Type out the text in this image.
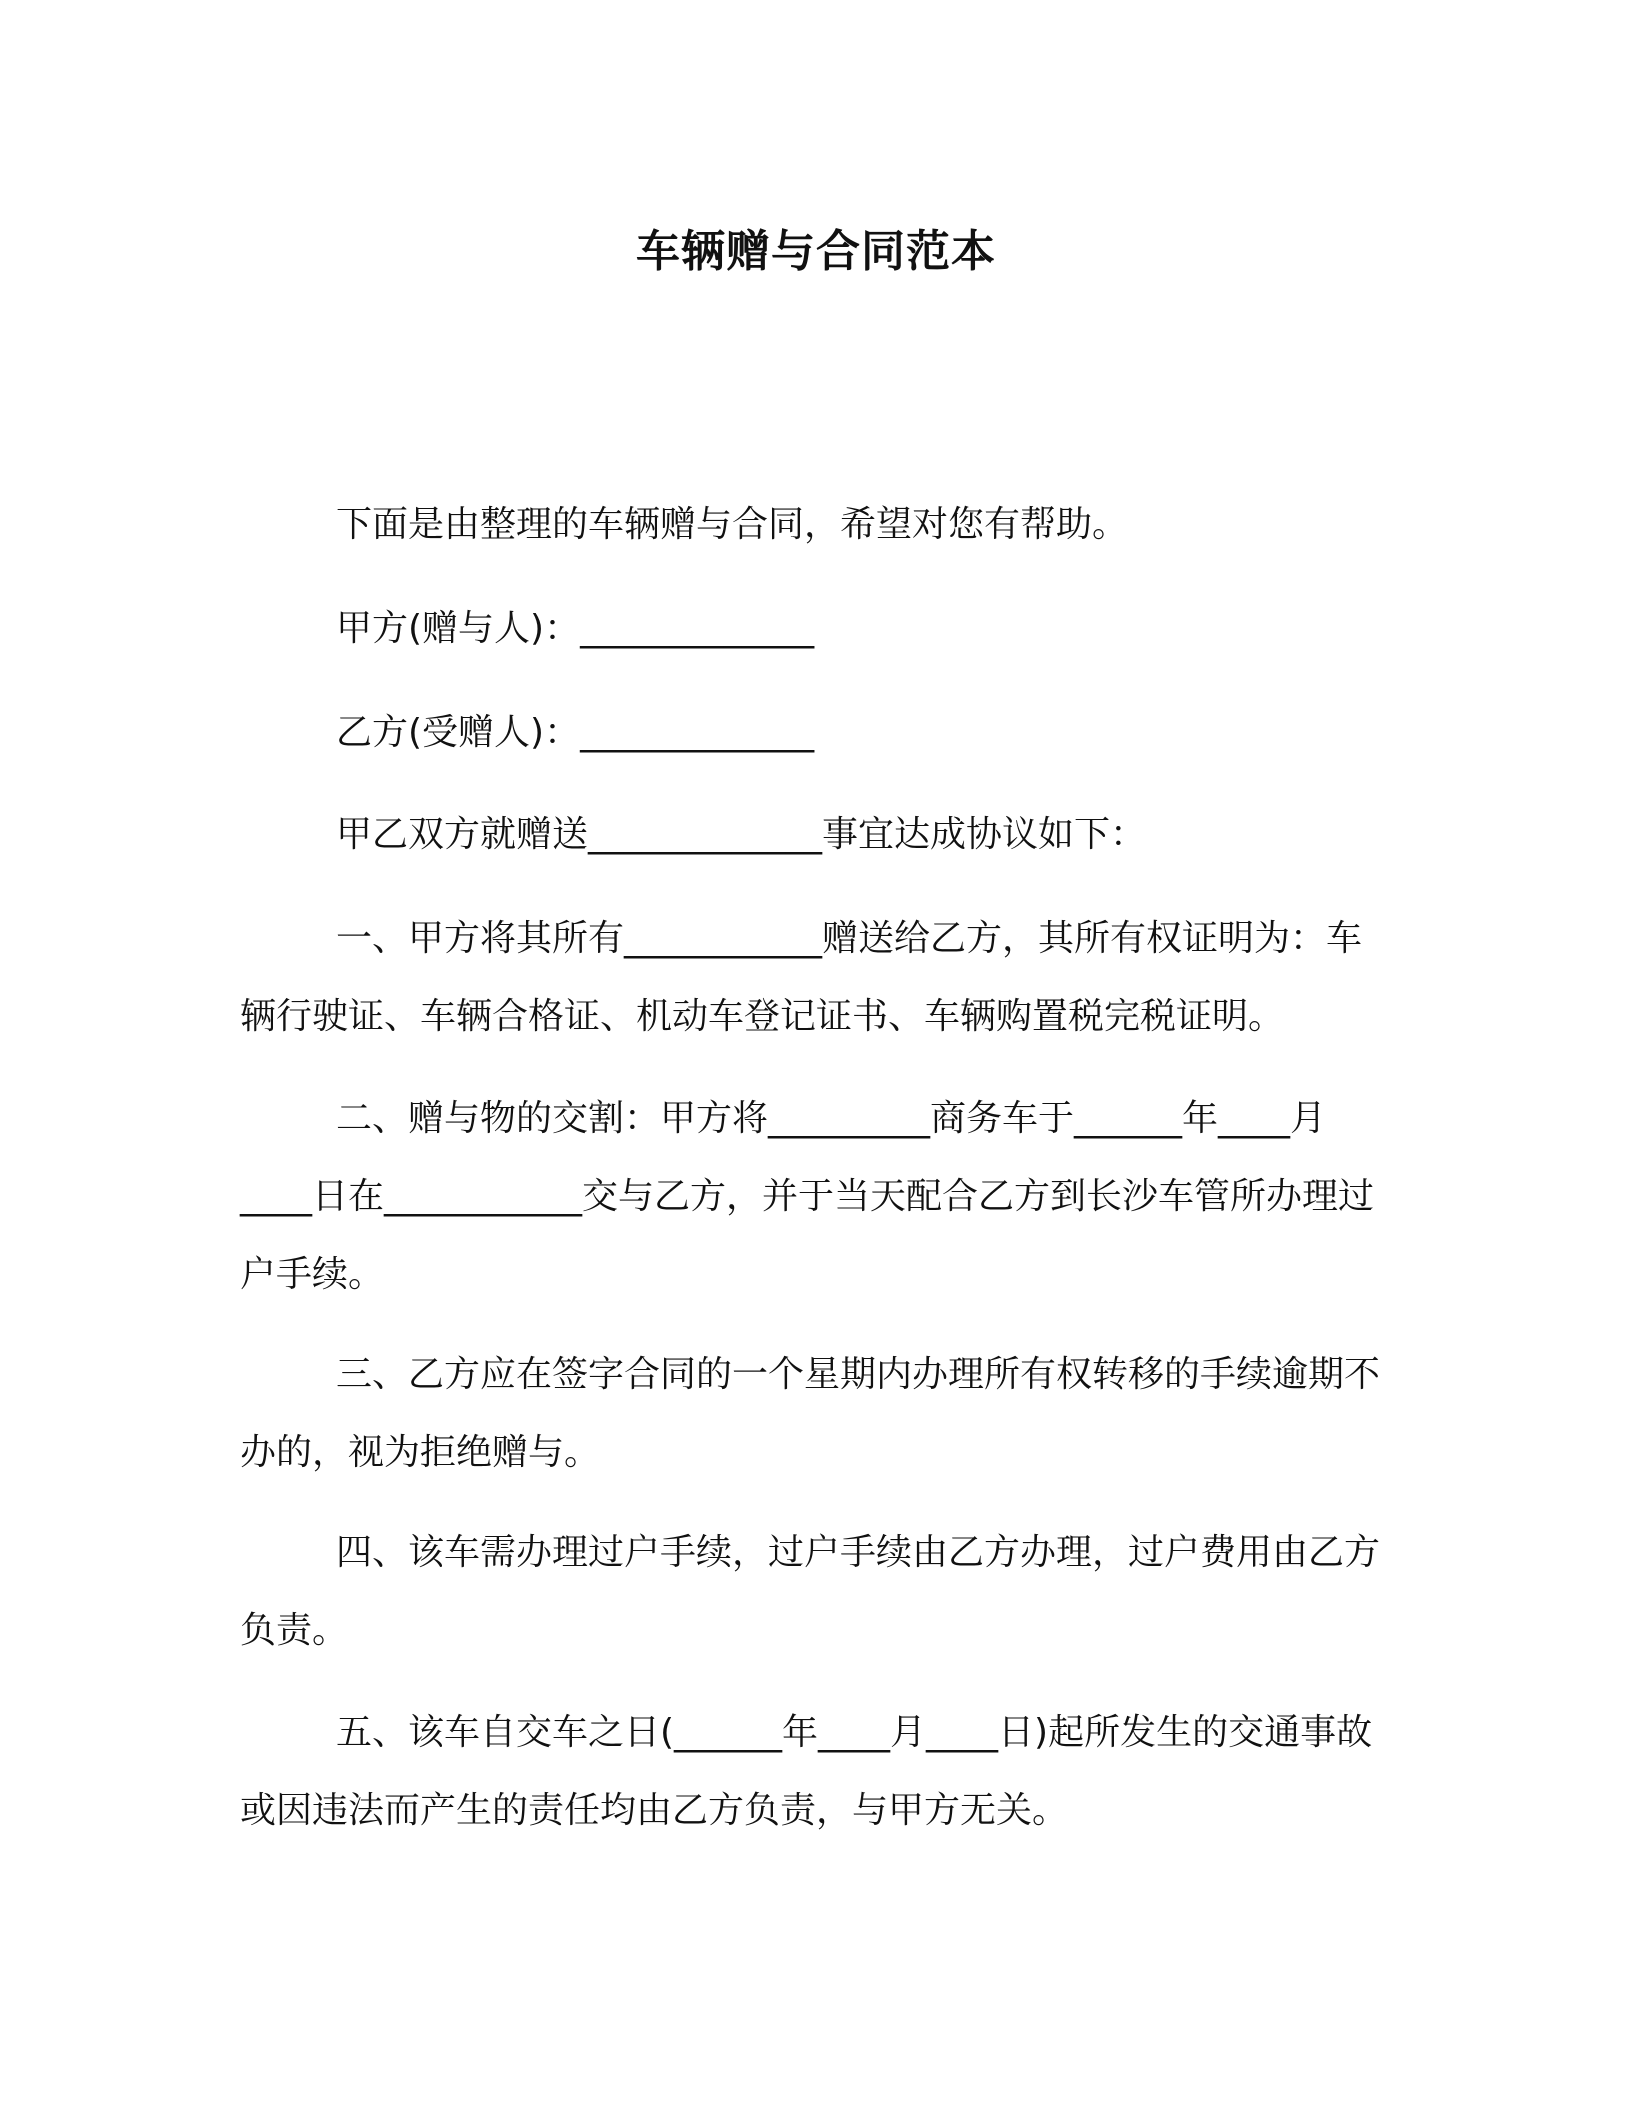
车辆赠与合同范本

下面是由整理的车辆赠与合同，希望对您有帮助。

甲方(赠与人)：_____________

乙方(受赠人)：_____________

甲乙双方就赠送_____________事宜达成协议如下：

一、甲方将其所有___________赠送给乙方，其所有权证明为：车辆行驶证、车辆合格证、机动车登记证书、车辆购置税完税证明。

二、赠与物的交割：甲方将_________商务车于______年____月____日在___________交与乙方，并于当天配合乙方到长沙车管所办理过户手续。

三、乙方应在签字合同的一个星期内办理所有权转移的手续逾期不办的，视为拒绝赠与。

四、该车需办理过户手续，过户手续由乙方办理，过户费用由乙方负责。

五、该车自交车之日(______年____月____日)起所发生的交通事故或因违法而产生的责任均由乙方负责，与甲方无关。
